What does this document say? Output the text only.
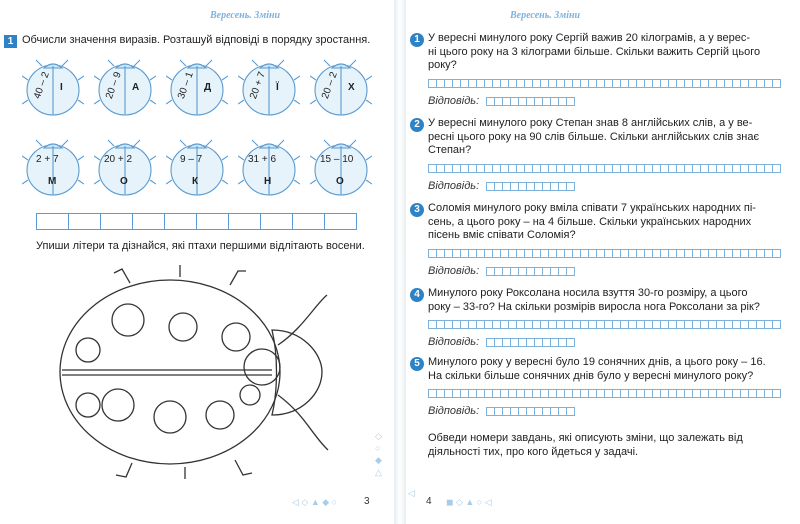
Вересень. Зміни
1 Обчисли значення виразів. Розташуй відповіді в порядку зростання.
40 – 2 І	20 – 9 А	30 – 1 Д	20 + 7 Ї	20 – 2 Х
2 + 7
М
20 + 2
О
9 – 7
К
31 + 6
Н
15 – 10
О
Упиши літери та дізнайся, які птахи першими відлітають восени.
◇
○
◆
△
◁ ◇ ▲ ◆ ○	3
Вересень. Зміни
1 У вересні минулого року Сергій важив 20 кілограмів, а у верес-
ні цього року на 3 кілограми більше. Скільки важить Сергій цього
року?
Відповідь:
2 У вересні минулого року Степан знав 8 англійських слів, а у ве-
ресні цього року на 90 слів більше. Скільки англійських слів знає
Степан?
Відповідь:
3 Соломія минулого року вміла співати 7 українських народних пі-
сень, а цього року – на 4 більше. Скільки українських народних
пісень вміє співати Соломія?
Відповідь:
4 Минулого року Роксолана носила взуття 30-го розміру, а цього
року – 33-го? На скільки розмірів виросла нога Роксолани за рік?
Відповідь:
5 Минулого року у вересні було 19 сонячних днів, а цього року – 16.
На скільки більше сонячних днів було у вересні минулого року?
Відповідь:
Обведи номери завдань, які описують зміни, що залежать від
діяльності тих, про кого йдеться у задачі.
◁
4 ◼ ◇ ▲ ○ ◁
